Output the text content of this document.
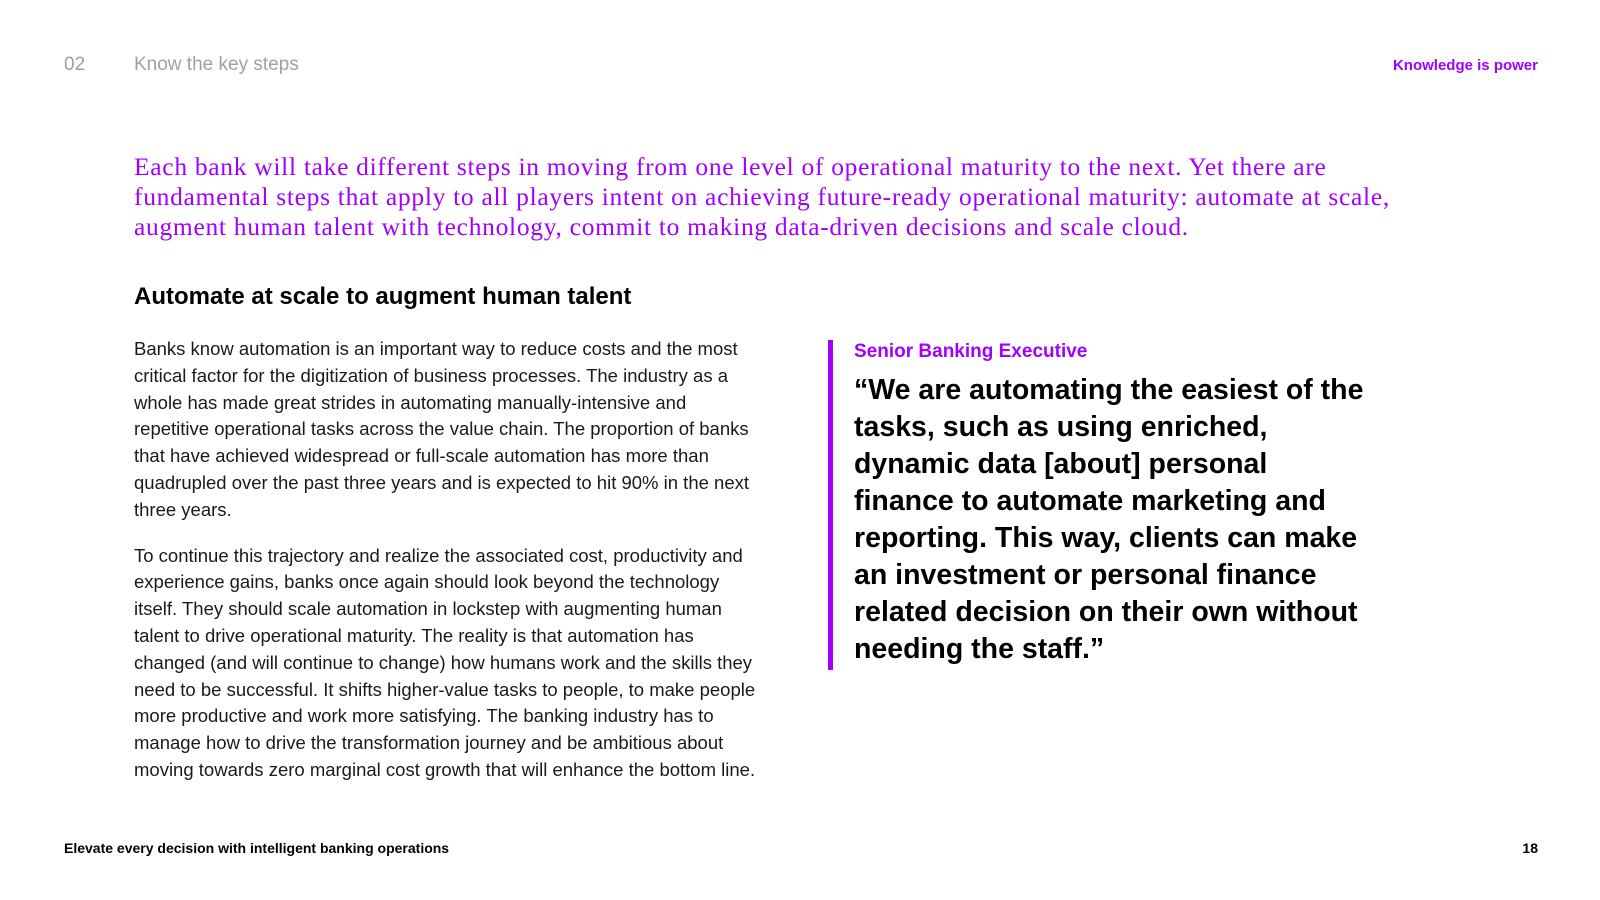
02	Know the key steps	Knowledge is power

Each bank will take different steps in moving from one level of operational maturity to the next. Yet there are fundamental steps that apply to all players intent on achieving future-ready operational maturity: automate at scale, augment human talent with technology, commit to making data-driven decisions and scale cloud.

Automate at scale to augment human talent

Banks know automation is an important way to reduce costs and the most critical factor for the digitization of business processes. The industry as a whole has made great strides in automating manually-intensive and repetitive operational tasks across the value chain. The proportion of banks that have achieved widespread or full-scale automation has more than quadrupled over the past three years and is expected to hit 90% in the next three years.

To continue this trajectory and realize the associated cost, productivity and experience gains, banks once again should look beyond the technology itself. They should scale automation in lockstep with augmenting human talent to drive operational maturity. The reality is that automation has changed (and will continue to change) how humans work and the skills they need to be successful. It shifts higher-value tasks to people, to make people more productive and work more satisfying. The banking industry has to manage how to drive the transformation journey and be ambitious about moving towards zero marginal cost growth that will enhance the bottom line.

Senior Banking Executive

“We are automating the easiest of the tasks, such as using enriched, dynamic data [about] personal finance to automate marketing and reporting. This way, clients can make an investment or personal finance related decision on their own without needing the staff.”

Elevate every decision with intelligent banking operations	18
